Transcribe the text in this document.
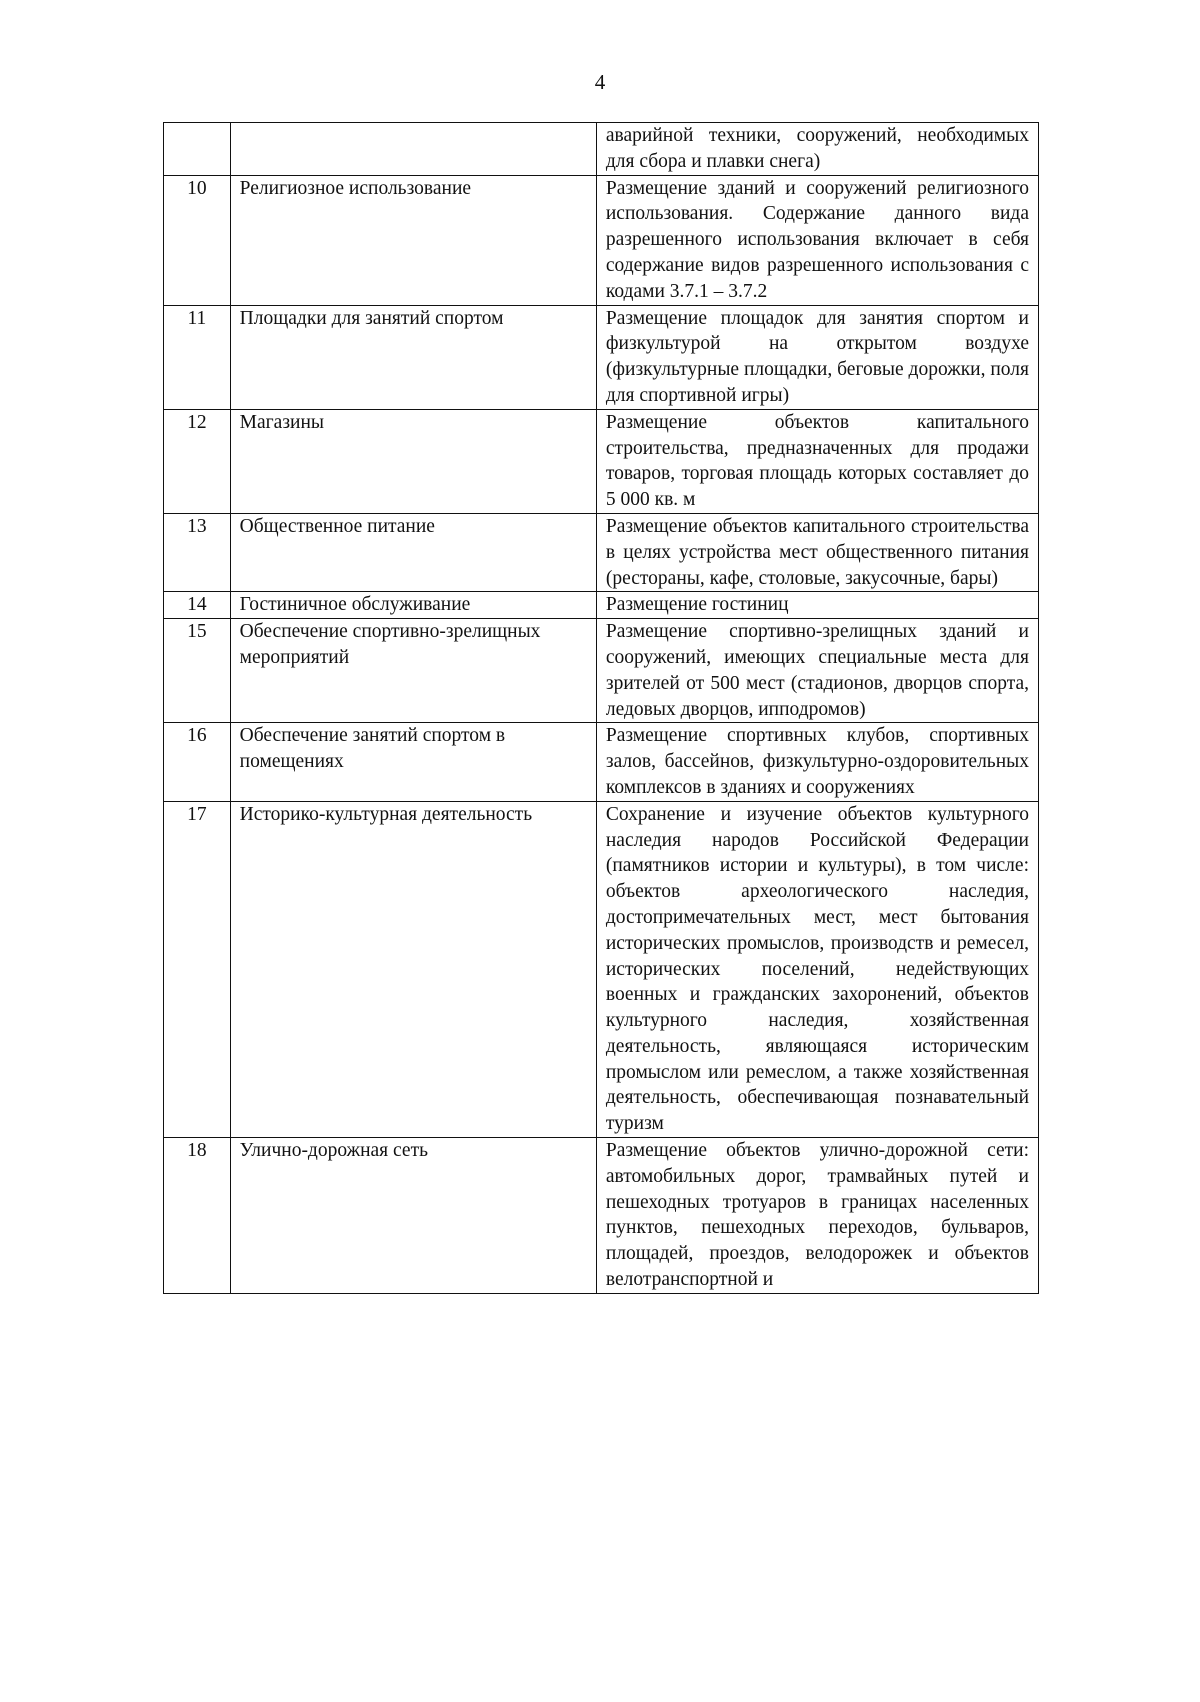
4

		аварийной техники, сооружений, необходимых для сбора и плавки снега)

10	Религиозное использование	Размещение зданий и сооружений религиозного использования. Содержание данного вида разрешенного использования включает в себя содержание видов разрешенного использования с кодами 3.7.1 – 3.7.2

11	Площадки для занятий спортом	Размещение площадок для занятия спортом и физкультурой на открытом воздухе (физкультурные площадки, беговые дорожки, поля для спортивной игры)

12	Магазины	Размещение объектов капитального строительства, предназначенных для продажи товаров, торговая площадь которых составляет до 5 000 кв. м

13	Общественное питание	Размещение объектов капитального строительства в целях устройства мест общественного питания (рестораны, кафе, столовые, закусочные, бары)

14	Гостиничное обслуживание	Размещение гостиниц

15	Обеспечение спортивно-зрелищных мероприятий	Размещение спортивно-зрелищных зданий и сооружений, имеющих специальные места для зрителей от 500 мест (стадионов, дворцов спорта, ледовых дворцов, ипподромов)

16	Обеспечение занятий спортом в помещениях	Размещение спортивных клубов, спортивных залов, бассейнов, физкультурно-оздоровительных комплексов в зданиях и сооружениях

17	Историко-культурная деятельность	Сохранение и изучение объектов культурного наследия народов Российской Федерации (памятников истории и культуры), в том числе: объектов археологического наследия, достопримечательных мест, мест бытования исторических промыслов, производств и ремесел, исторических поселений, недействующих военных и гражданских захоронений, объектов культурного наследия, хозяйственная деятельность, являющаяся историческим промыслом или ремеслом, а также хозяйственная деятельность, обеспечивающая познавательный туризм

18	Улично-дорожная сеть	Размещение объектов улично-дорожной сети: автомобильных дорог, трамвайных путей и пешеходных тротуаров в границах населенных пунктов, пешеходных переходов, бульваров, площадей, проездов, велодорожек и объектов велотранспортной и
